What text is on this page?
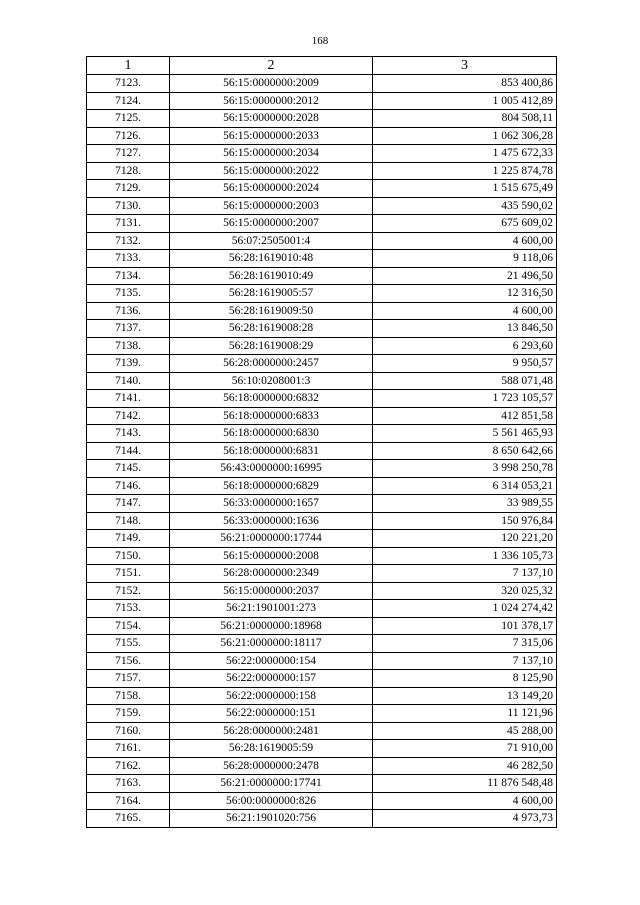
168
1	2	3
7123.	56:15:0000000:2009	853 400,86
7124.	56:15:0000000:2012	1 005 412,89
7125.	56:15:0000000:2028	804 508,11
7126.	56:15:0000000:2033	1 062 306,28
7127.	56:15:0000000:2034	1 475 672,33
7128.	56:15:0000000:2022	1 225 874,78
7129.	56:15:0000000:2024	1 515 675,49
7130.	56:15:0000000:2003	435 590,02
7131.	56:15:0000000:2007	675 609,02
7132.	56:07:2505001:4	4 600,00
7133.	56:28:1619010:48	9 118,06
7134.	56:28:1619010:49	21 496,50
7135.	56:28:1619005:57	12 316,50
7136.	56:28:1619009:50	4 600,00
7137.	56:28:1619008:28	13 846,50
7138.	56:28:1619008:29	6 293,60
7139.	56:28:0000000:2457	9 950,57
7140.	56:10:0208001:3	588 071,48
7141.	56:18:0000000:6832	1 723 105,57
7142.	56:18:0000000:6833	412 851,58
7143.	56:18:0000000:6830	5 561 465,93
7144.	56:18:0000000:6831	8 650 642,66
7145.	56:43:0000000:16995	3 998 250,78
7146.	56:18:0000000:6829	6 314 053,21
7147.	56:33:0000000:1657	33 989,55
7148.	56:33:0000000:1636	150 976,84
7149.	56:21:0000000:17744	120 221,20
7150.	56:15:0000000:2008	1 336 105,73
7151.	56:28:0000000:2349	7 137,10
7152.	56:15:0000000:2037	320 025,32
7153.	56:21:1901001:273	1 024 274,42
7154.	56:21:0000000:18968	101 378,17
7155.	56:21:0000000:18117	7 315,06
7156.	56:22:0000000:154	7 137,10
7157.	56:22:0000000:157	8 125,90
7158.	56:22:0000000:158	13 149,20
7159.	56:22:0000000:151	11 121,96
7160.	56:28:0000000:2481	45 288,00
7161.	56:28:1619005:59	71 910,00
7162.	56:28:0000000:2478	46 282,50
7163.	56:21:0000000:17741	11 876 548,48
7164.	56:00:0000000:826	4 600,00
7165.	56:21:1901020:756	4 973,73
